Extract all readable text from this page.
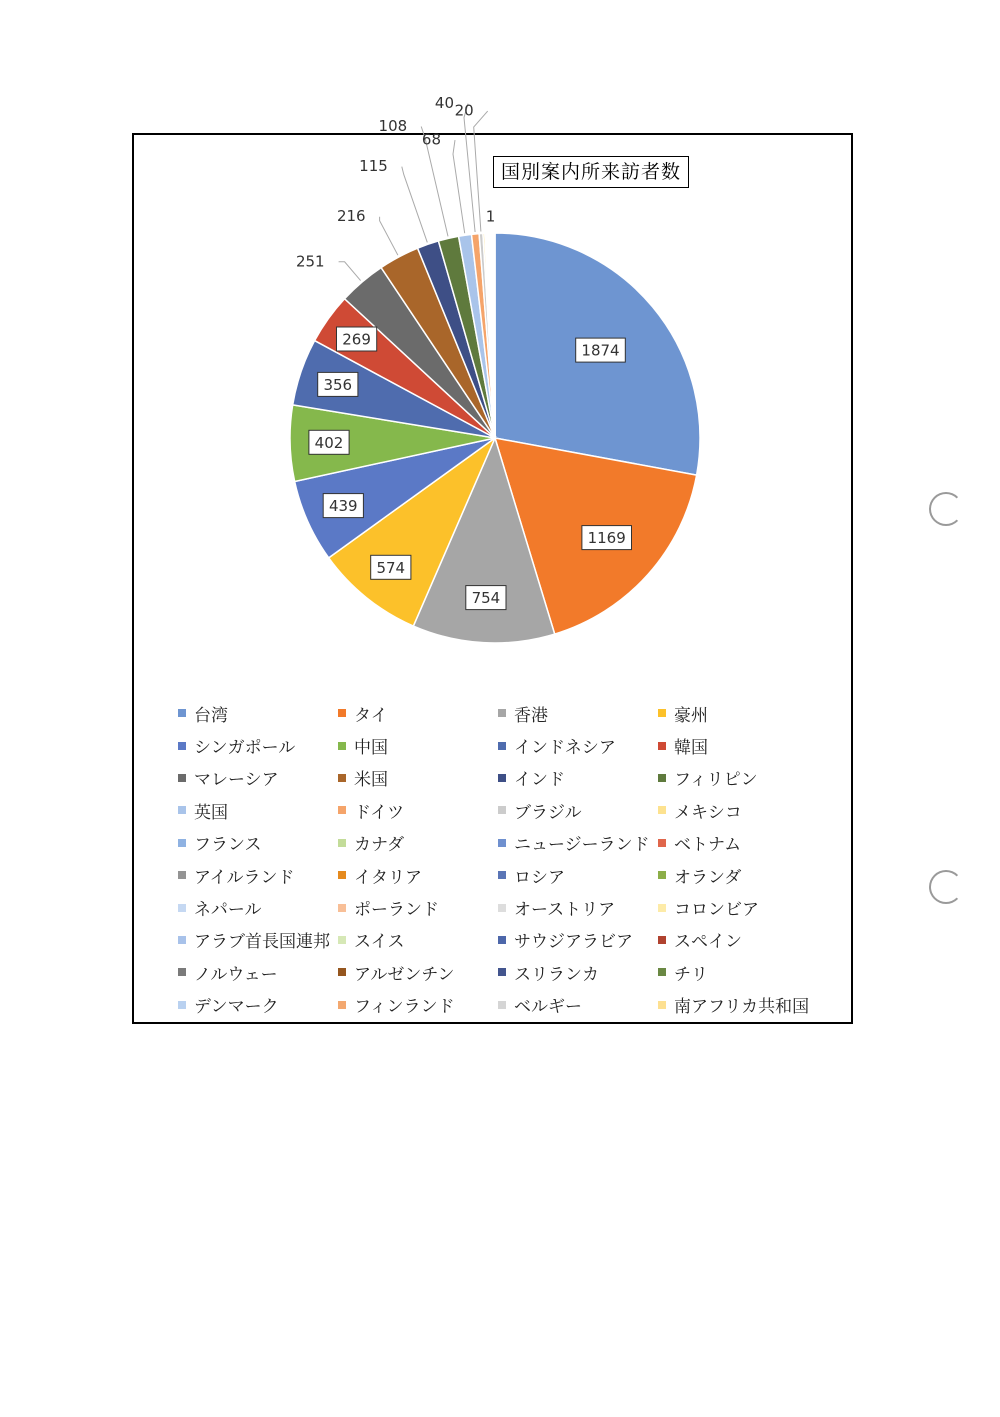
1874
1169
754
574
439
402
356
269
251
216
115
108
68
40 20
1
国別案内所来訪者数
台湾	タイ	香港	豪州
シンガポール	中国	インドネシア	韓国
マレーシア	米国	インド	フィリピン
英国	ドイツ	ブラジル	メキシコ
フランス	カナダ	ニュージーランド ベトナム
アイルランド	イタリア	ロシア	オランダ
ネパール	ポーランド	オーストリア	コロンビア
アラブ首長国連邦 スイス	サウジアラビア スペイン
ノルウェー	アルゼンチン	スリランカ	チリ
デンマーク	フィンランド	ベルギー	南アフリカ共和国
